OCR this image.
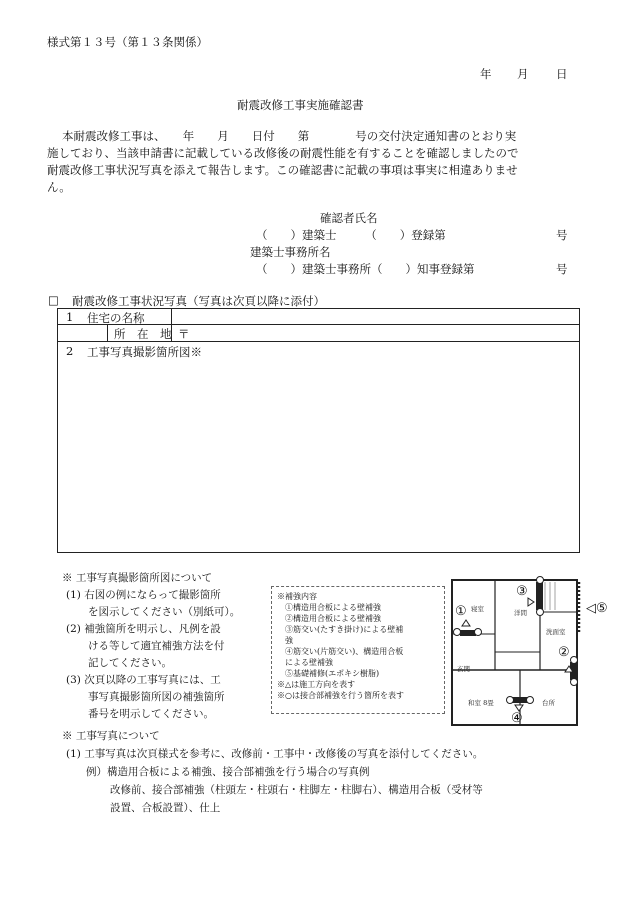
様式第１３号（第１３条関係）
年 月 日
耐震改修工事実施確認書
本耐震改修工事は、　　年　　月　　日付　　第　　　　号の交付決定通知書のとおり実
施しており、当該申請書に記載している改修後の耐震性能を有することを確認しましたので
耐震改修工事状況写真を添えて報告します。この確認書に記載の事項は事実に相違ありませ
ん。
確認者氏名
（　　）建築士　　　（　　）登録第	号
建築士事務所名
（　　）建築士事務所（　　）知事登録第	号
□ 耐震改修工事状況写真（写真は次頁以降に添付）
1 住宅の名称
所　在　地 〒
2 工事写真撮影箇所図※
※ 工事写真撮影箇所図について
(1) 右図の例にならって撮影箇所
を図示してください（別紙可）。
(2) 補強箇所を明示し、凡例を設
ける等して適宜補強方法を付
記してください。
(3) 次頁以降の工事写真には、工
事写真撮影箇所図の補強箇所
番号を明示してください。
※補強内容
①構造用合板による壁補強
②構造用合板による壁補強
③筋交い(たすき掛け)による壁補
強
④筋交い(片筋交い)、構造用合板
による壁補強
⑤基礎補修(エポキシ樹脂)
※△は施工方向を表す
※○は接合部補強を行う箇所を表す
寝室	洋間
洗面室
玄関
和室 8畳	台所
①
②
③
④
◁⑤
※ 工事写真について
(1) 工事写真は次頁様式を参考に、改修前・工事中・改修後の写真を添付してください。
例）構造用合板による補強、接合部補強を行う場合の写真例
改修前、接合部補強（柱頭左・柱頭右・柱脚左・柱脚右）、構造用合板（受材等
設置、合板設置）、仕上
